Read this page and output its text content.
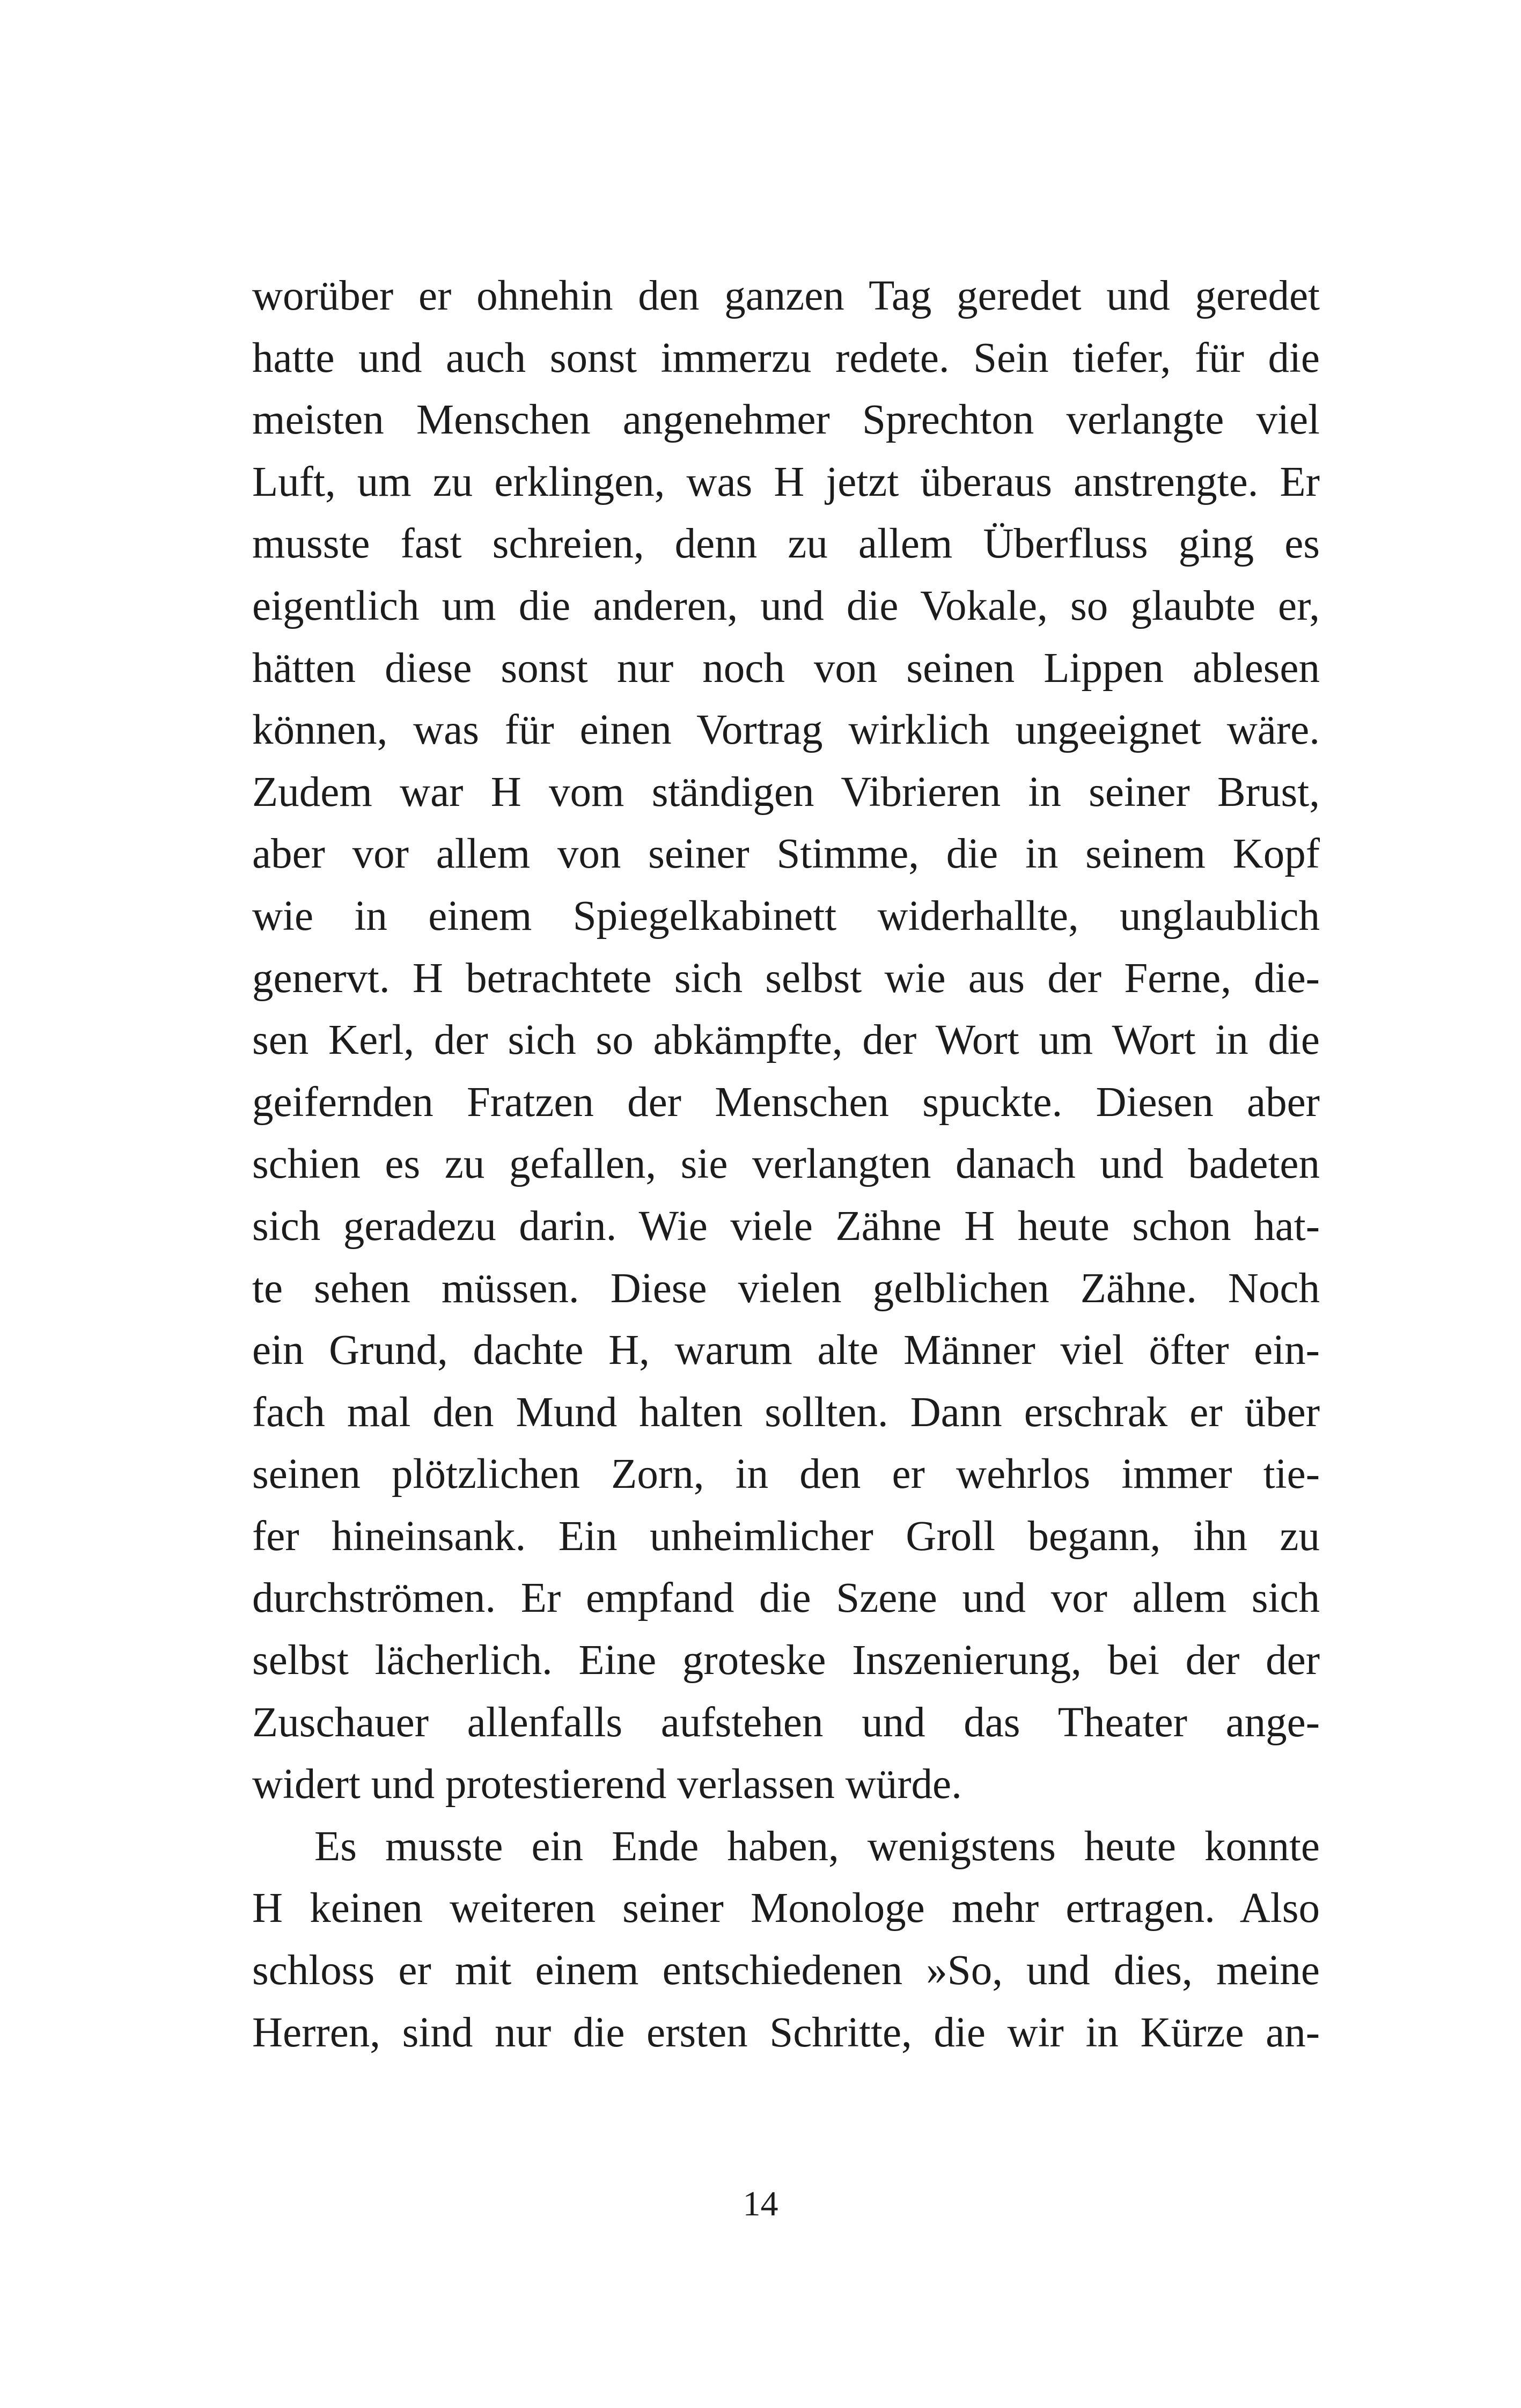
worüber er ohnehin den ganzen Tag geredet und geredet
hatte und auch sonst immerzu redete. Sein tiefer, für die
meisten Menschen angenehmer Sprechton verlangte viel
Luft, um zu erklingen, was H jetzt überaus anstrengte. Er
musste fast schreien, denn zu allem Überfluss ging es
eigentlich um die anderen, und die Vokale, so glaubte er,
hätten diese sonst nur noch von seinen Lippen ablesen
können, was für einen Vortrag wirklich ungeeignet wäre.
Zudem war H vom ständigen Vibrieren in seiner Brust,
aber vor allem von seiner Stimme, die in seinem Kopf
wie in einem Spiegelkabinett widerhallte, unglaublich
genervt. H betrachtete sich selbst wie aus der Ferne, die-
sen Kerl, der sich so abkämpfte, der Wort um Wort in die
geifernden Fratzen der Menschen spuckte. Diesen aber
schien es zu gefallen, sie verlangten danach und badeten
sich geradezu darin. Wie viele Zähne H heute schon hat-
te sehen müssen. Diese vielen gelblichen Zähne. Noch
ein Grund, dachte H, warum alte Männer viel öfter ein-
fach mal den Mund halten sollten. Dann erschrak er über
seinen plötzlichen Zorn, in den er wehrlos immer tie-
fer hineinsank. Ein unheimlicher Groll begann, ihn zu
durchströmen. Er empfand die Szene und vor allem sich
selbst lächerlich. Eine groteske Inszenierung, bei der der
Zuschauer allenfalls aufstehen und das Theater ange-
widert und protestierend verlassen würde.
Es musste ein Ende haben, wenigstens heute konnte
H keinen weiteren seiner Monologe mehr ertragen. Also
schloss er mit einem entschiedenen »So, und dies, meine
Herren, sind nur die ersten Schritte, die wir in Kürze an-
14
